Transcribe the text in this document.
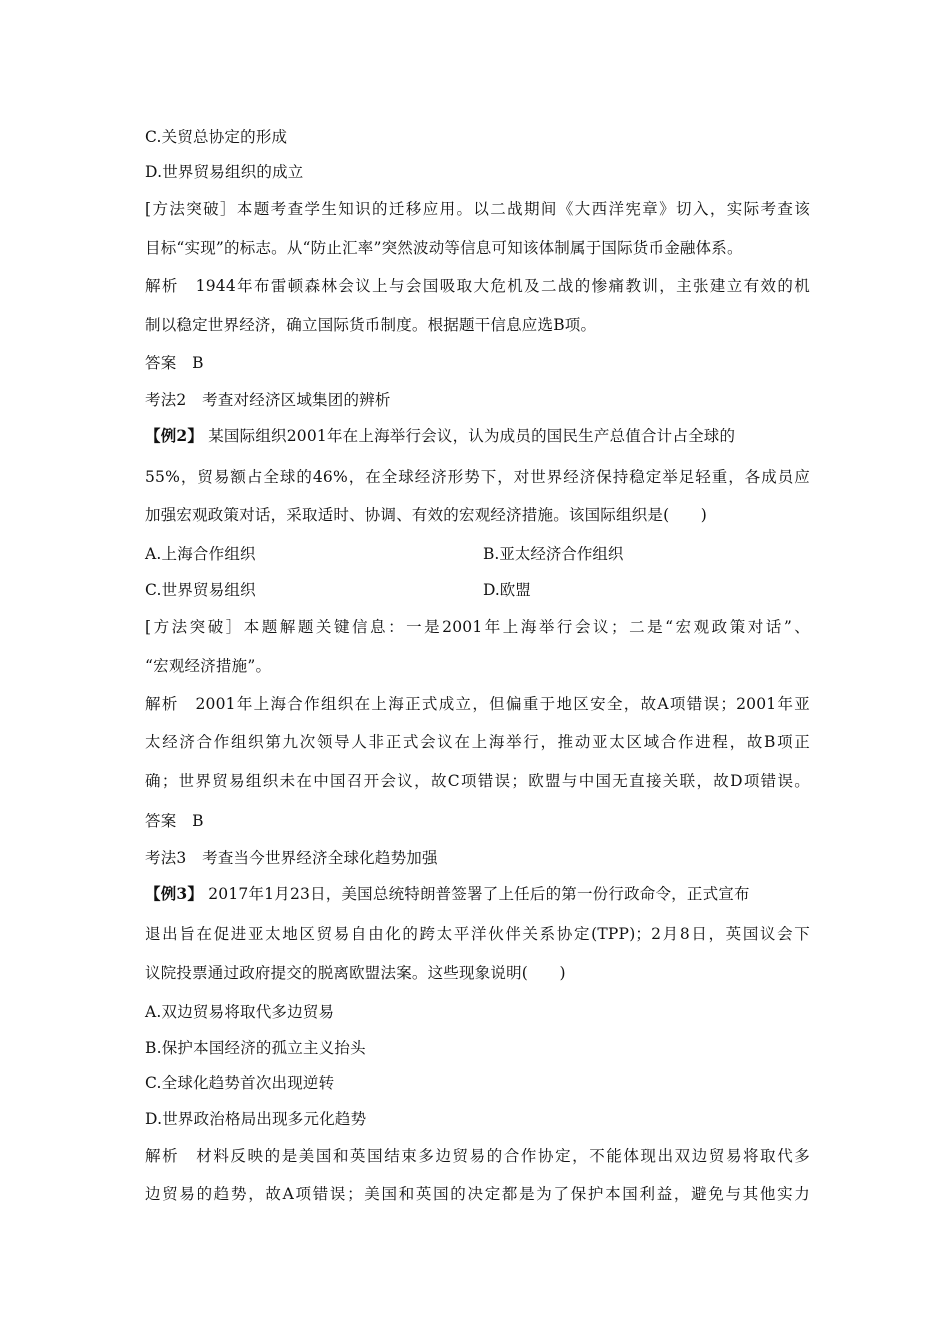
C.关贸总协定的形成
D.世界贸易组织的成立
[方法突破］本题考查学生知识的迁移应用。以二战期间《大西洋宪章》切入，实际考查该
目标“实现”的标志。从“防止汇率”突然波动等信息可知该体制属于国际货币金融体系。
解析　1944年布雷顿森林会议上与会国吸取大危机及二战的惨痛教训，主张建立有效的机
制以稳定世界经济，确立国际货币制度。根据题干信息应选B项。
答案　B
考法2　考查对经济区域集团的辨析
【例2】 某国际组织2001年在上海举行会议，认为成员的国民生产总值合计占全球的
55%，贸易额占全球的46%，在全球经济形势下，对世界经济保持稳定举足轻重，各成员应
加强宏观政策对话，采取适时、协调、有效的宏观经济措施。该国际组织是(　　)
A.上海合作组织	B.亚太经济合作组织
C.世界贸易组织	D.欧盟
[方法突破］本题解题关键信息：一是2001年上海举行会议；二是“宏观政策对话”、
“宏观经济措施”。
解析　2001年上海合作组织在上海正式成立，但偏重于地区安全，故A项错误；2001年亚
太经济合作组织第九次领导人非正式会议在上海举行，推动亚太区域合作进程，故B项正
确；世界贸易组织未在中国召开会议，故C项错误；欧盟与中国无直接关联，故D项错误。
答案　B
考法3　考查当今世界经济全球化趋势加强
【例3】 2017年1月23日，美国总统特朗普签署了上任后的第一份行政命令，正式宣布
退出旨在促进亚太地区贸易自由化的跨太平洋伙伴关系协定(TPP)；2月8日，英国议会下
议院投票通过政府提交的脱离欧盟法案。这些现象说明(　　)
A.双边贸易将取代多边贸易
B.保护本国经济的孤立主义抬头
C.全球化趋势首次出现逆转
D.世界政治格局出现多元化趋势
解析　材料反映的是美国和英国结束多边贸易的合作协定，不能体现出双边贸易将取代多
边贸易的趋势，故A项错误；美国和英国的决定都是为了保护本国利益，避免与其他实力
